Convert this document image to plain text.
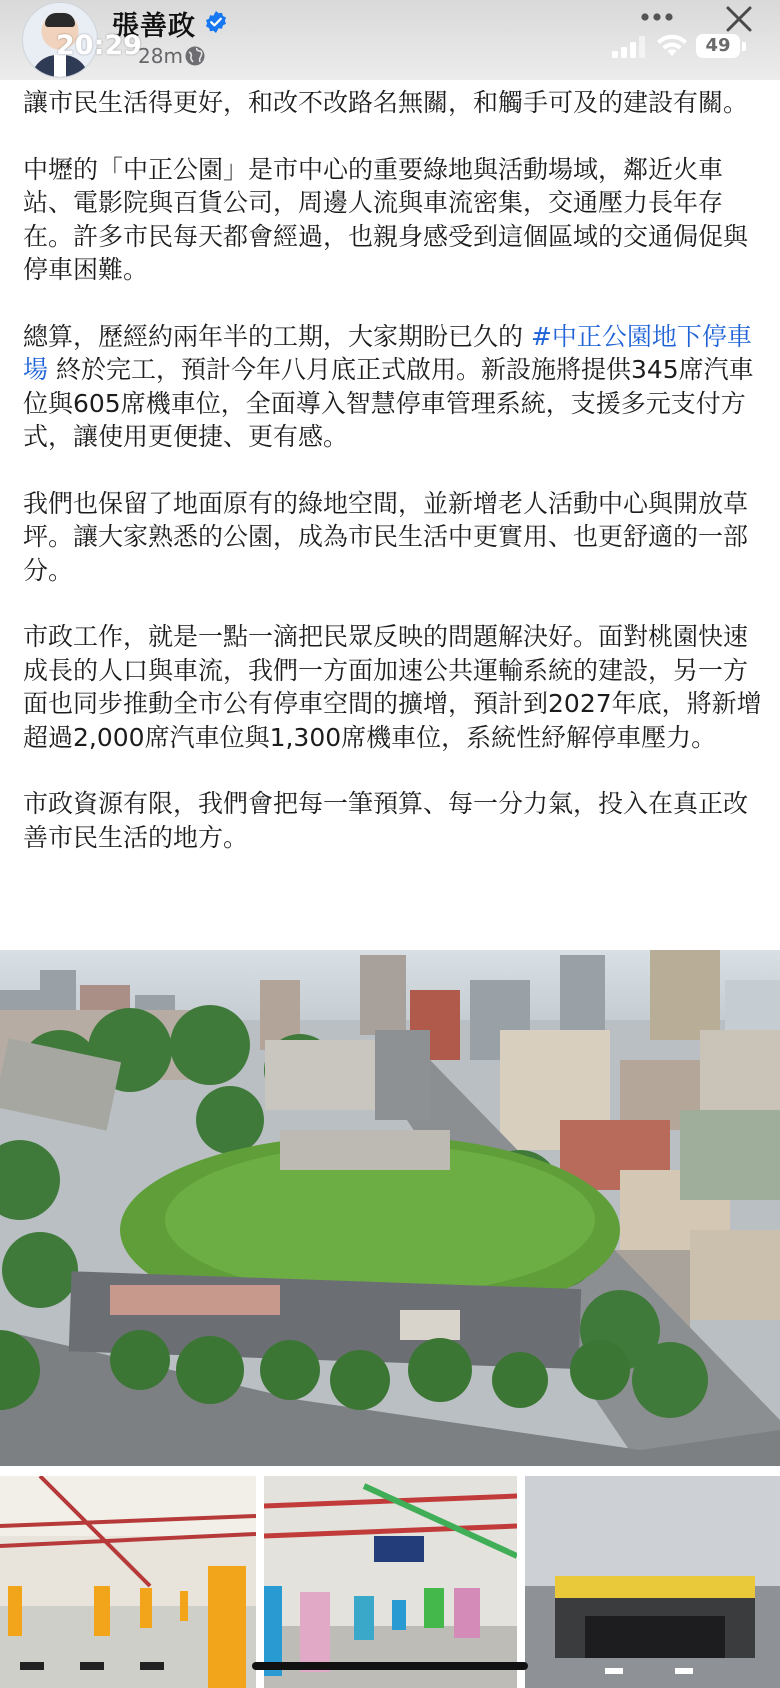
張善政
20:29
28m	49

讓市民生活得更好，和改不改路名無關，和觸手可及的建設有關。

中壢的「中正公園」是市中心的重要綠地與活動場域，鄰近火車站、電影院與百貨公司，周邊人流與車流密集，交通壓力長年存在。許多市民每天都會經過，也親身感受到這個區域的交通侷促與停車困難。

總算，歷經約兩年半的工期，大家期盼已久的 #中正公園地下停車場 終於完工，預計今年八月底正式啟用。新設施將提供345席汽車位與605席機車位，全面導入智慧停車管理系統，支援多元支付方式，讓使用更便捷、更有感。

我們也保留了地面原有的綠地空間，並新增老人活動中心與開放草坪。讓大家熟悉的公園，成為市民生活中更實用、也更舒適的一部分。

市政工作，就是一點一滴把民眾反映的問題解決好。面對桃園快速成長的人口與車流，我們一方面加速公共運輸系統的建設，另一方面也同步推動全市公有停車空間的擴增，預計到2027年底，將新增超過2,000席汽車位與1,300席機車位，系統性紓解停車壓力。

市政資源有限，我們會把每一筆預算、每一分力氣，投入在真正改善市民生活的地方。
